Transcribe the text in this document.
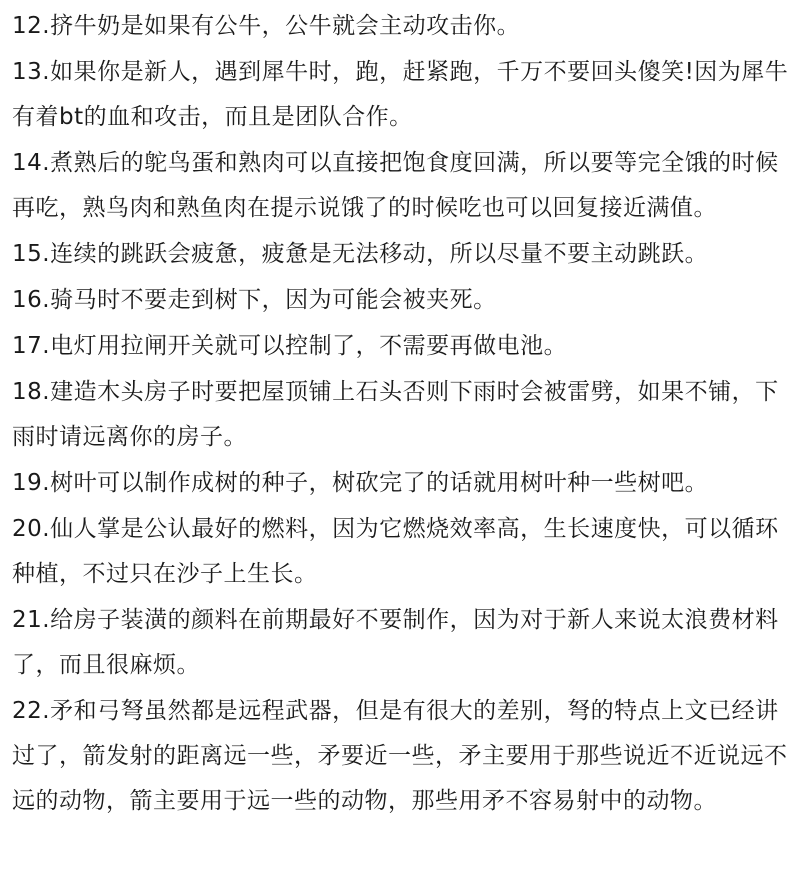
12.挤牛奶是如果有公牛，公牛就会主动攻击你。

13.如果你是新人，遇到犀牛时，跑，赶紧跑，千万不要回头傻笑!因为犀牛有着bt的血和攻击，而且是团队合作。

14.煮熟后的鸵鸟蛋和熟肉可以直接把饱食度回满，所以要等完全饿的时候再吃，熟鸟肉和熟鱼肉在提示说饿了的时候吃也可以回复接近满值。

15.连续的跳跃会疲惫，疲惫是无法移动，所以尽量不要主动跳跃。

16.骑马时不要走到树下，因为可能会被夹死。

17.电灯用拉闸开关就可以控制了，不需要再做电池。

18.建造木头房子时要把屋顶铺上石头否则下雨时会被雷劈，如果不铺，下雨时请远离你的房子。

19.树叶可以制作成树的种子，树砍完了的话就用树叶种一些树吧。

20.仙人掌是公认最好的燃料，因为它燃烧效率高，生长速度快，可以循环种植，不过只在沙子上生长。

21.给房子装潢的颜料在前期最好不要制作，因为对于新人来说太浪费材料了，而且很麻烦。

22.矛和弓弩虽然都是远程武器，但是有很大的差别，弩的特点上文已经讲过了，箭发射的距离远一些，矛要近一些，矛主要用于那些说近不近说远不远的动物，箭主要用于远一些的动物，那些用矛不容易射中的动物。
